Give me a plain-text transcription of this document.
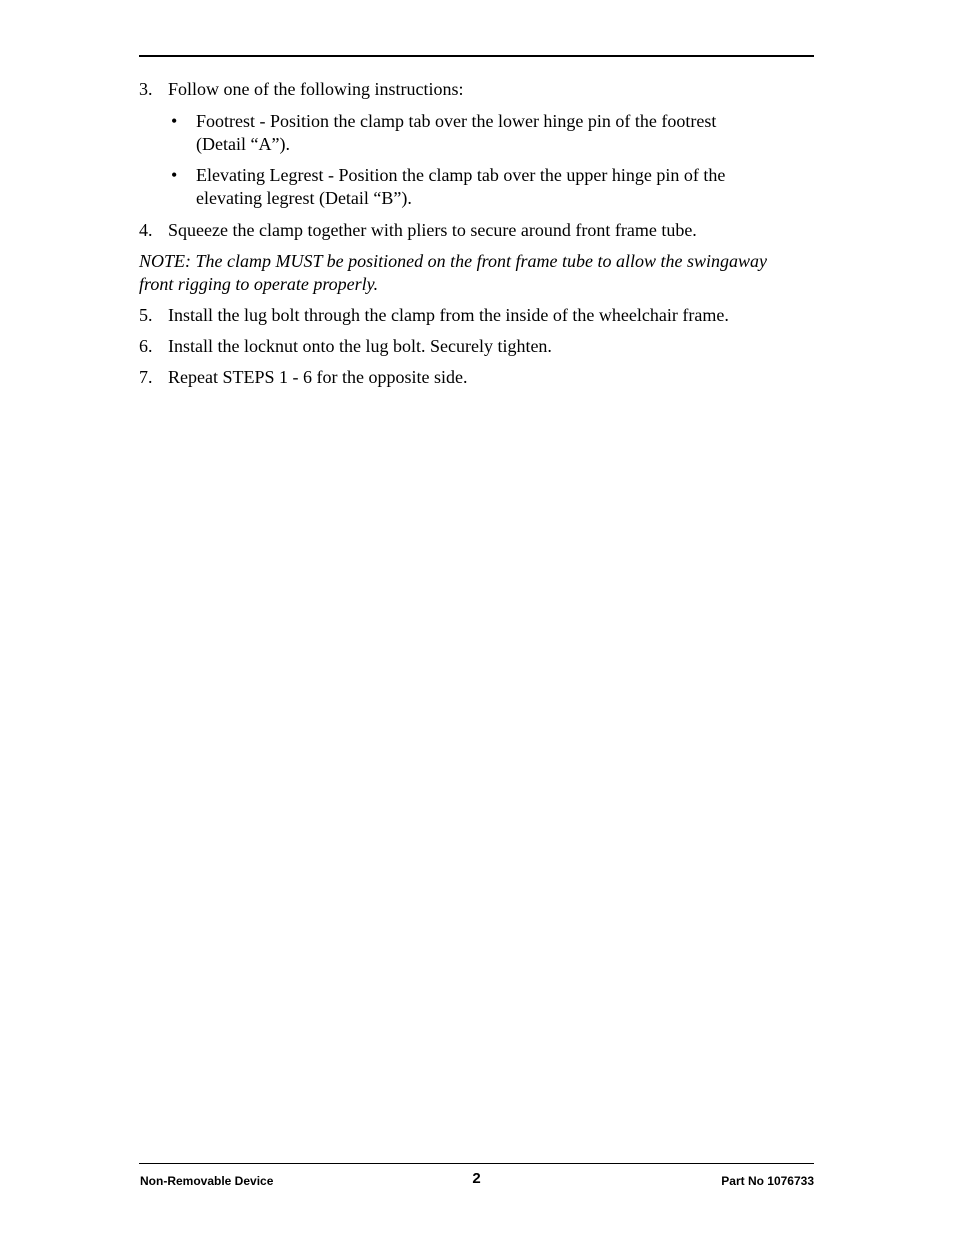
3. Follow one of the following instructions:

• Footrest - Position the clamp tab over the lower hinge pin of the footrest
(Detail “A”).

• Elevating Legrest - Position the clamp tab over the upper hinge pin of the
elevating legrest (Detail “B”).

4. Squeeze the clamp together with pliers to secure around front frame tube.

NOTE: The clamp MUST be positioned on the front frame tube to allow the swingaway
front rigging to operate properly.

5. Install the lug bolt through the clamp from the inside of the wheelchair frame.

6. Install the locknut onto the lug bolt. Securely tighten.

7. Repeat STEPS 1 - 6 for the opposite side.

Non-Removable Device	2	Part No 1076733
